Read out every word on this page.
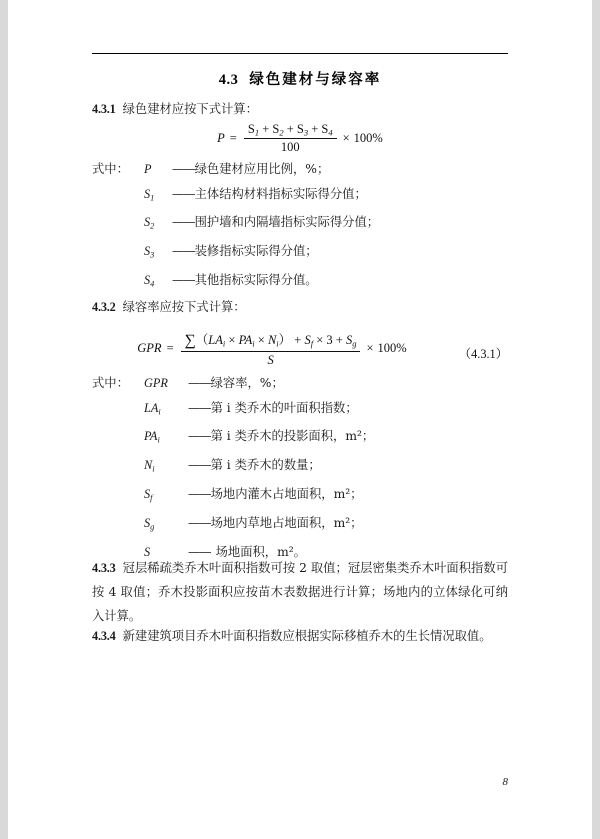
4.3 绿色建材与绿容率
4.3.1 绿色建材应按下式计算：
P =
$S_1 + S_2 + S_3 + S_4$
100
× 100%
式中：	P	—— 绿色建材应用比例，%；
$S_1$	—— 主体结构材料指标实际得分值；
$S_2$	—— 围护墙和内隔墙指标实际得分值；
$S_3$	—— 装修指标实际得分值；
$S_4$	—— 其他指标实际得分值。
4.3.2 绿容率应按下式计算：
GPR = $\frac{\sum(LA_i \times PA_i \times N_i) + S_f \times 3 + S_g}{S} \times 100\%$	（4.3.1）
式中：	GPR	—— 绿容率，%；
$LA_i$	—— 第 i 类乔木的叶面积指数；
$PA_i$	—— 第 i 类乔木的投影面积，m²；
$N_i$	—— 第 i 类乔木的数量；
$S_f$	—— 场地内灌木占地面积，m²；
$S_g$	—— 场地内草地占地面积，m²；
S	—— 场地面积，m²。
4.3.3 冠层稀疏类乔木叶面积指数可按 2 取值；冠层密集类乔木叶面积指数可按 4 取值；乔木投影面积应按苗木表数据进行计算；场地内的立体绿化可纳入计算。
4.3.4 新建建筑项目乔木叶面积指数应根据实际移植乔木的生长情况取值。
8
